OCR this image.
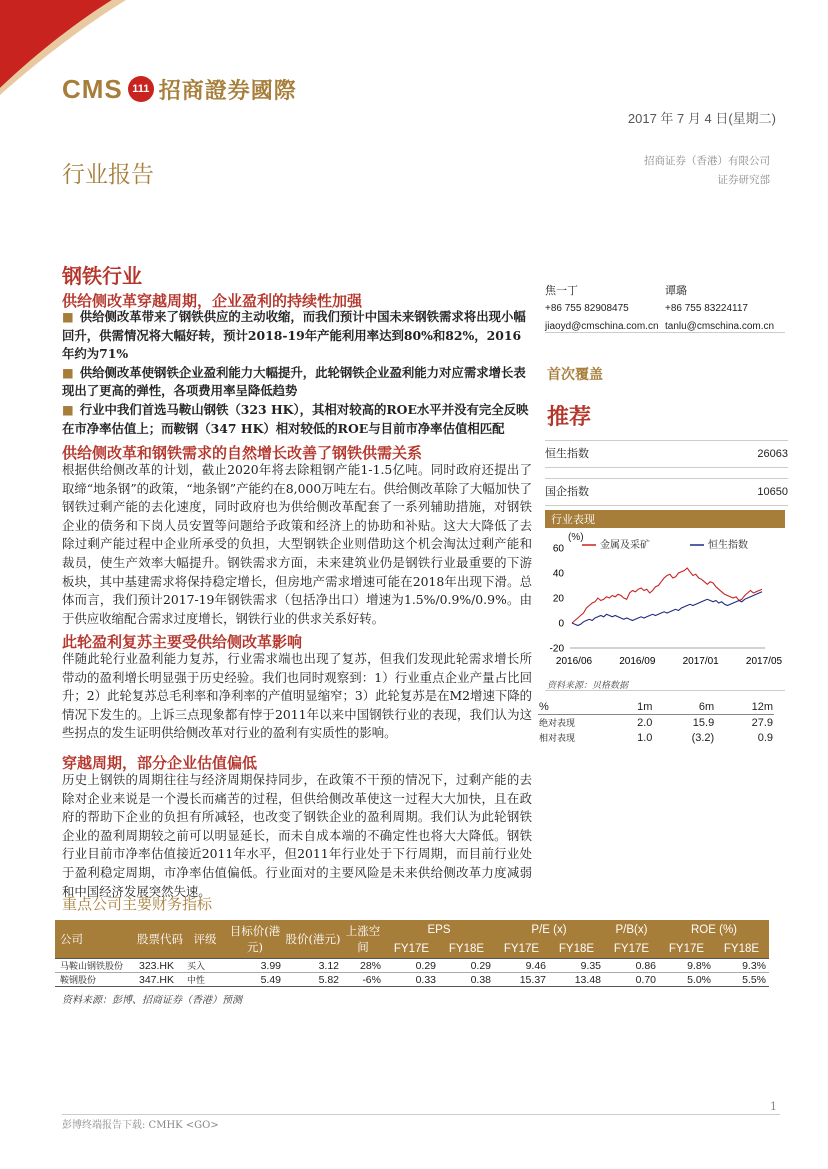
CMS 111 招商證券國際
2017 年 7 月 4 日(星期二)
行业报告
招商证券（香港）有限公司
证券研究部
钢铁行业
供给侧改革穿越周期，企业盈利的持续性加强
■ 供给侧改革带来了钢铁供应的主动收缩，而我们预计中国未来钢铁需求将出现小幅回升，供需情况将大幅好转，预计2018-19年产能利用率达到80%和82%，2016年约为71%
■ 供给侧改革使钢铁企业盈利能力大幅提升，此轮钢铁企业盈利能力对应需求增长表现出了更高的弹性，各项费用率呈降低趋势
■ 行业中我们首选马鞍山钢铁（323 HK），其相对较高的ROE水平并没有完全反映在市净率估值上；而鞍钢（347 HK）相对较低的ROE与目前市净率估值相匹配
供给侧改革和钢铁需求的自然增长改善了钢铁供需关系
根据供给侧改革的计划，截止2020年将去除粗钢产能1-1.5亿吨。同时政府还提出了取缔“地条钢”的政策，“地条钢”产能约在8,000万吨左右。供给侧改革除了大幅加快了钢铁过剩产能的去化速度，同时政府也为供给侧改革配套了一系列辅助措施，对钢铁企业的债务和下岗人员安置等问题给予政策和经济上的协助和补贴。这大大降低了去除过剩产能过程中企业所承受的负担，大型钢铁企业则借助这个机会淘汰过剩产能和裁员，使生产效率大幅提升。钢铁需求方面，未来建筑业仍是钢铁行业最重要的下游板块，其中基建需求将保持稳定增长，但房地产需求增速可能在2018年出现下滑。总体而言，我们预计2017-19年钢铁需求（包括净出口）增速为1.5%/0.9%/0.9%。由于供应收缩配合需求过度增长，钢铁行业的供求关系好转。
此轮盈利复苏主要受供给侧改革影响
伴随此轮行业盈利能力复苏，行业需求端也出现了复苏，但我们发现此轮需求增长所带动的盈利增长明显强于历史经验。我们也同时观察到：1）行业重点企业产量占比回升；2）此轮复苏总毛利率和净利率的产值明显缩窄；3）此轮复苏是在M2增速下降的情况下发生的。上诉三点现象都有悖于2011年以来中国钢铁行业的表现，我们认为这些拐点的发生证明供给侧改革对行业的盈利有实质性的影响。
穿越周期，部分企业估值偏低
历史上钢铁的周期往往与经济周期保持同步，在政策不干预的情况下，过剩产能的去除对企业来说是一个漫长而痛苦的过程，但供给侧改革使这一过程大大加快，且在政府的帮助下企业的负担有所减轻，也改变了钢铁企业的盈利周期。我们认为此轮钢铁企业的盈利周期较之前可以明显延长，而未自成本端的不确定性也将大大降低。钢铁行业目前市净率估值接近2011年水平，但2011年行业处于下行周期，而目前行业处于盈利稳定周期，市净率估值偏低。行业面对的主要风险是未来供给侧改革力度减弱和中国经济发展突然失速。
焦一丁
+86 755 82908475
jiaoyd@cmschina.com.cn
谭璐
+86 755 83224117
tanlu@cmschina.com.cn
首次覆盖
推荐
恒生指数	26063
国企指数	10650
行业表现
(%)
60
40
20
0
-20
2016/06	2016/09	2017/01	2017/05
金属及采矿	恒生指数
资料来源：贝格数据
%	1m	6m	12m
绝对表现	2.0	15.9	27.9
相对表现	1.0	(3.2)	0.9
重点公司主要财务指标
公司	股票代码	评级	目标价(港元)	股价(港元)	上涨空间	EPS		P/E (x)		P/B(x)	ROE (%)	
						FY17E	FY18E	FY17E	FY18E	FY17E	FY17E	FY18E
马鞍山钢铁股份	323.HK	买入	3.99	3.12	28%	0.29	0.29	9.46	9.35	0.86	9.8%	9.3%
鞍钢股份	347.HK	中性	5.49	5.82	-6%	0.33	0.38	15.37	13.48	0.70	5.0%	5.5%
资料来源：彭博、招商证券（香港）预测
1
彭博终端报告下载: CMHK <GO>
